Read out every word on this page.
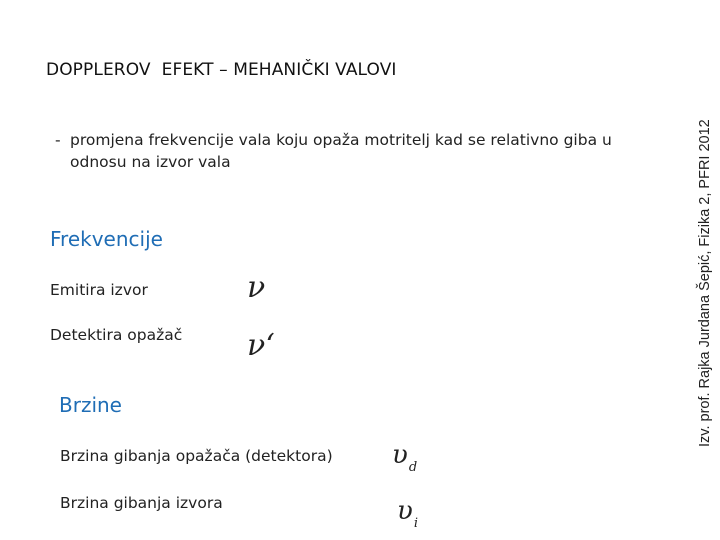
DOPPLEROV  EFEKT – MEHANIČKI VALOVI
- promjena frekvencije vala koju opaža motritelj kad se relativno giba u odnosu na izvor vala
Frekvencije
Emitira izvor	ν
Detektira opažač ν‘
Brzine
Brzina gibanja opažača (detektora) $\upsilon_d$
Brzina gibanja izvora	$\upsilon_i$
Izv. prof. Rajka Jurdana Šepić, Fizika 2, PFRI 2012
